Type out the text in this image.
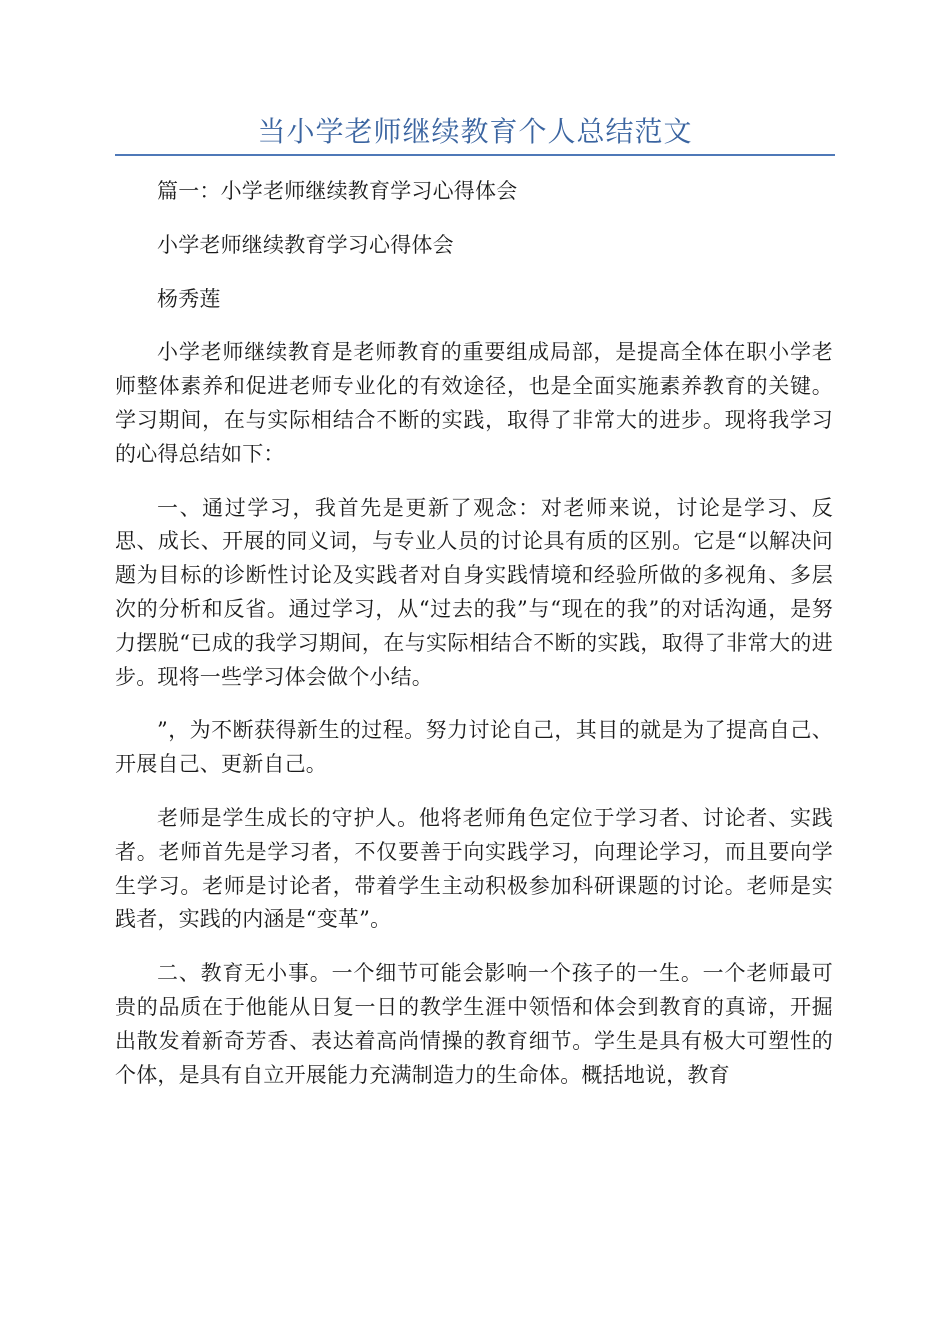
当小学老师继续教育个人总结范文

篇一：小学老师继续教育学习心得体会

小学老师继续教育学习心得体会

杨秀莲

小学老师继续教育是老师教育的重要组成局部，是提高全体在职小学老师整体素养和促进老师专业化的有效途径，也是全面实施素养教育的关键。学习期间，在与实际相结合不断的实践，取得了非常大的进步。现将我学习的心得总结如下：

一、通过学习，我首先是更新了观念：对老师来说，讨论是学习、反思、成长、开展的同义词，与专业人员的讨论具有质的区别。它是“以解决问题为目标的诊断性讨论及实践者对自身实践情境和经验所做的多视角、多层次的分析和反省。通过学习，从“过去的我”与“现在的我”的对话沟通，是努力摆脱“已成的我学习期间，在与实际相结合不断的实践，取得了非常大的进步。现将一些学习体会做个小结。

”，为不断获得新生的过程。努力讨论自己，其目的就是为了提高自己、开展自己、更新自己。

老师是学生成长的守护人。他将老师角色定位于学习者、讨论者、实践者。老师首先是学习者，不仅要善于向实践学习，向理论学习，而且要向学生学习。老师是讨论者，带着学生主动积极参加科研课题的讨论。老师是实践者，实践的内涵是“变革”。

二、教育无小事。一个细节可能会影响一个孩子的一生。一个老师最可贵的品质在于他能从日复一日的教学生涯中领悟和体会到教育的真谛，开掘出散发着新奇芳香、表达着高尚情操的教育细节。学生是具有极大可塑性的个体，是具有自立开展能力充满制造力的生命体。概括地说，教育
